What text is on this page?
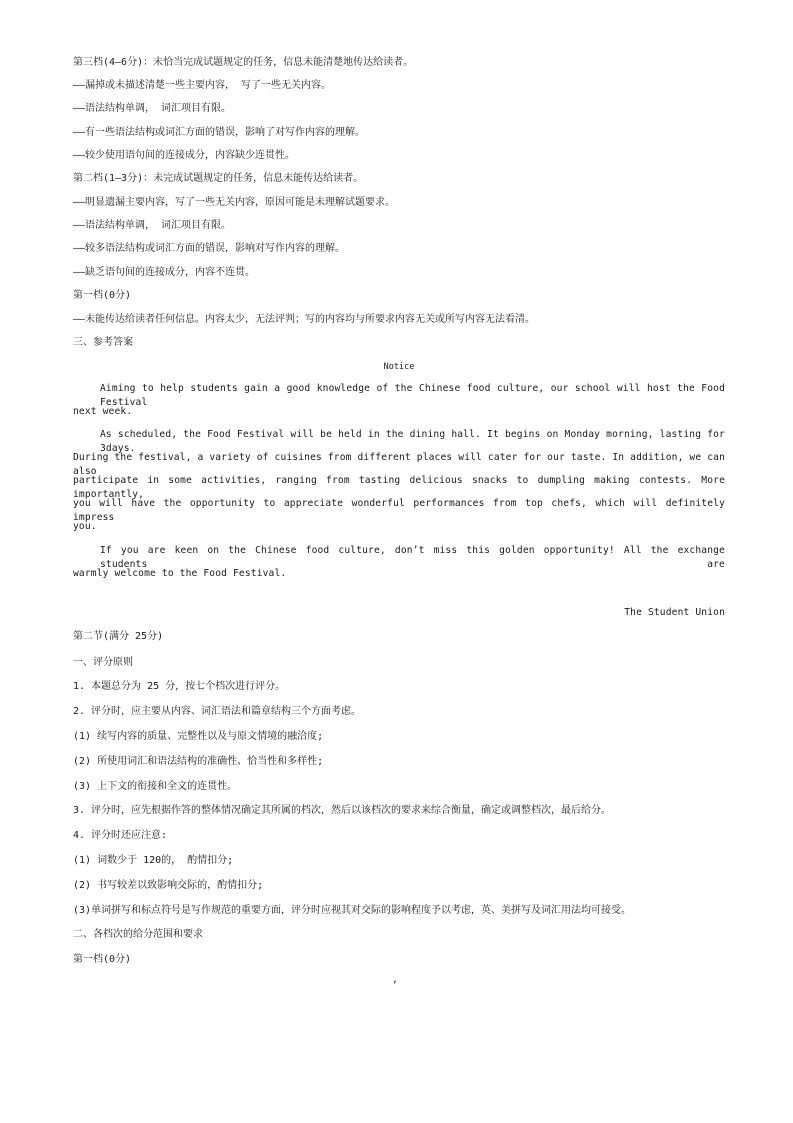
第三档(4—6分)：未恰当完成试题规定的任务，信息未能清楚地传达给读者。

——漏掉或未描述清楚一些主要内容， 写了一些无关内容。

——语法结构单调， 词汇项目有限。

——有一些语法结构或词汇方面的错误，影响了对写作内容的理解。

——较少使用语句间的连接成分，内容缺少连贯性。

第二档(1—3分)：未完成试题规定的任务，信息未能传达给读者。

——明显遗漏主要内容，写了一些无关内容，原因可能是未理解试题要求。

——语法结构单调， 词汇项目有限。

——较多语法结构或词汇方面的错误，影响对写作内容的理解。

——缺乏语句间的连接成分，内容不连贯。

第一档(0分)

——未能传达给读者任何信息。内容太少，无法评判；写的内容均与所要求内容无关或所写内容无法看清。

三、参考答案

Notice

Aiming to help students gain a good knowledge of the Chinese food culture, our school will host the Food Festival

next week.

As scheduled, the Food Festival will be held in the dining hall. It begins on Monday morning, lasting for 3days.

During the festival, a variety of cuisines from different places will cater for our taste. In addition, we can also

participate in some activities, ranging from tasting delicious snacks to dumpling making contests. More importantly,

you will have the opportunity to appreciate wonderful performances from top chefs, which will definitely impress

you.

If you are keen on the Chinese food culture, don’t miss this golden opportunity! All the exchange students are

warmly welcome to the Food Festival.

The Student Union

第二节(满分 25分)

一、评分原则

1. 本题总分为 25 分，按七个档次进行评分。

2. 评分时，应主要从内容、词汇语法和篇章结构三个方面考虑。

(1) 续写内容的质量、完整性以及与原文情境的融洽度;

(2) 所使用词汇和语法结构的准确性、恰当性和多样性;

(3) 上下文的衔接和全文的连贯性。

3. 评分时，应先根据作答的整体情况确定其所属的档次，然后以该档次的要求来综合衡量，确定或调整档次，最后给分。

4. 评分时还应注意:

(1) 词数少于 120的， 酌情扣分;

(2) 书写较差以致影响交际的，酌情扣分;

(3)单词拼写和标点符号是写作规范的重要方面，评分时应视其对交际的影响程度予以考虑，英、美拼写及词汇用法均可接受。

二、各档次的给分范围和要求

第一档(0分)

,
